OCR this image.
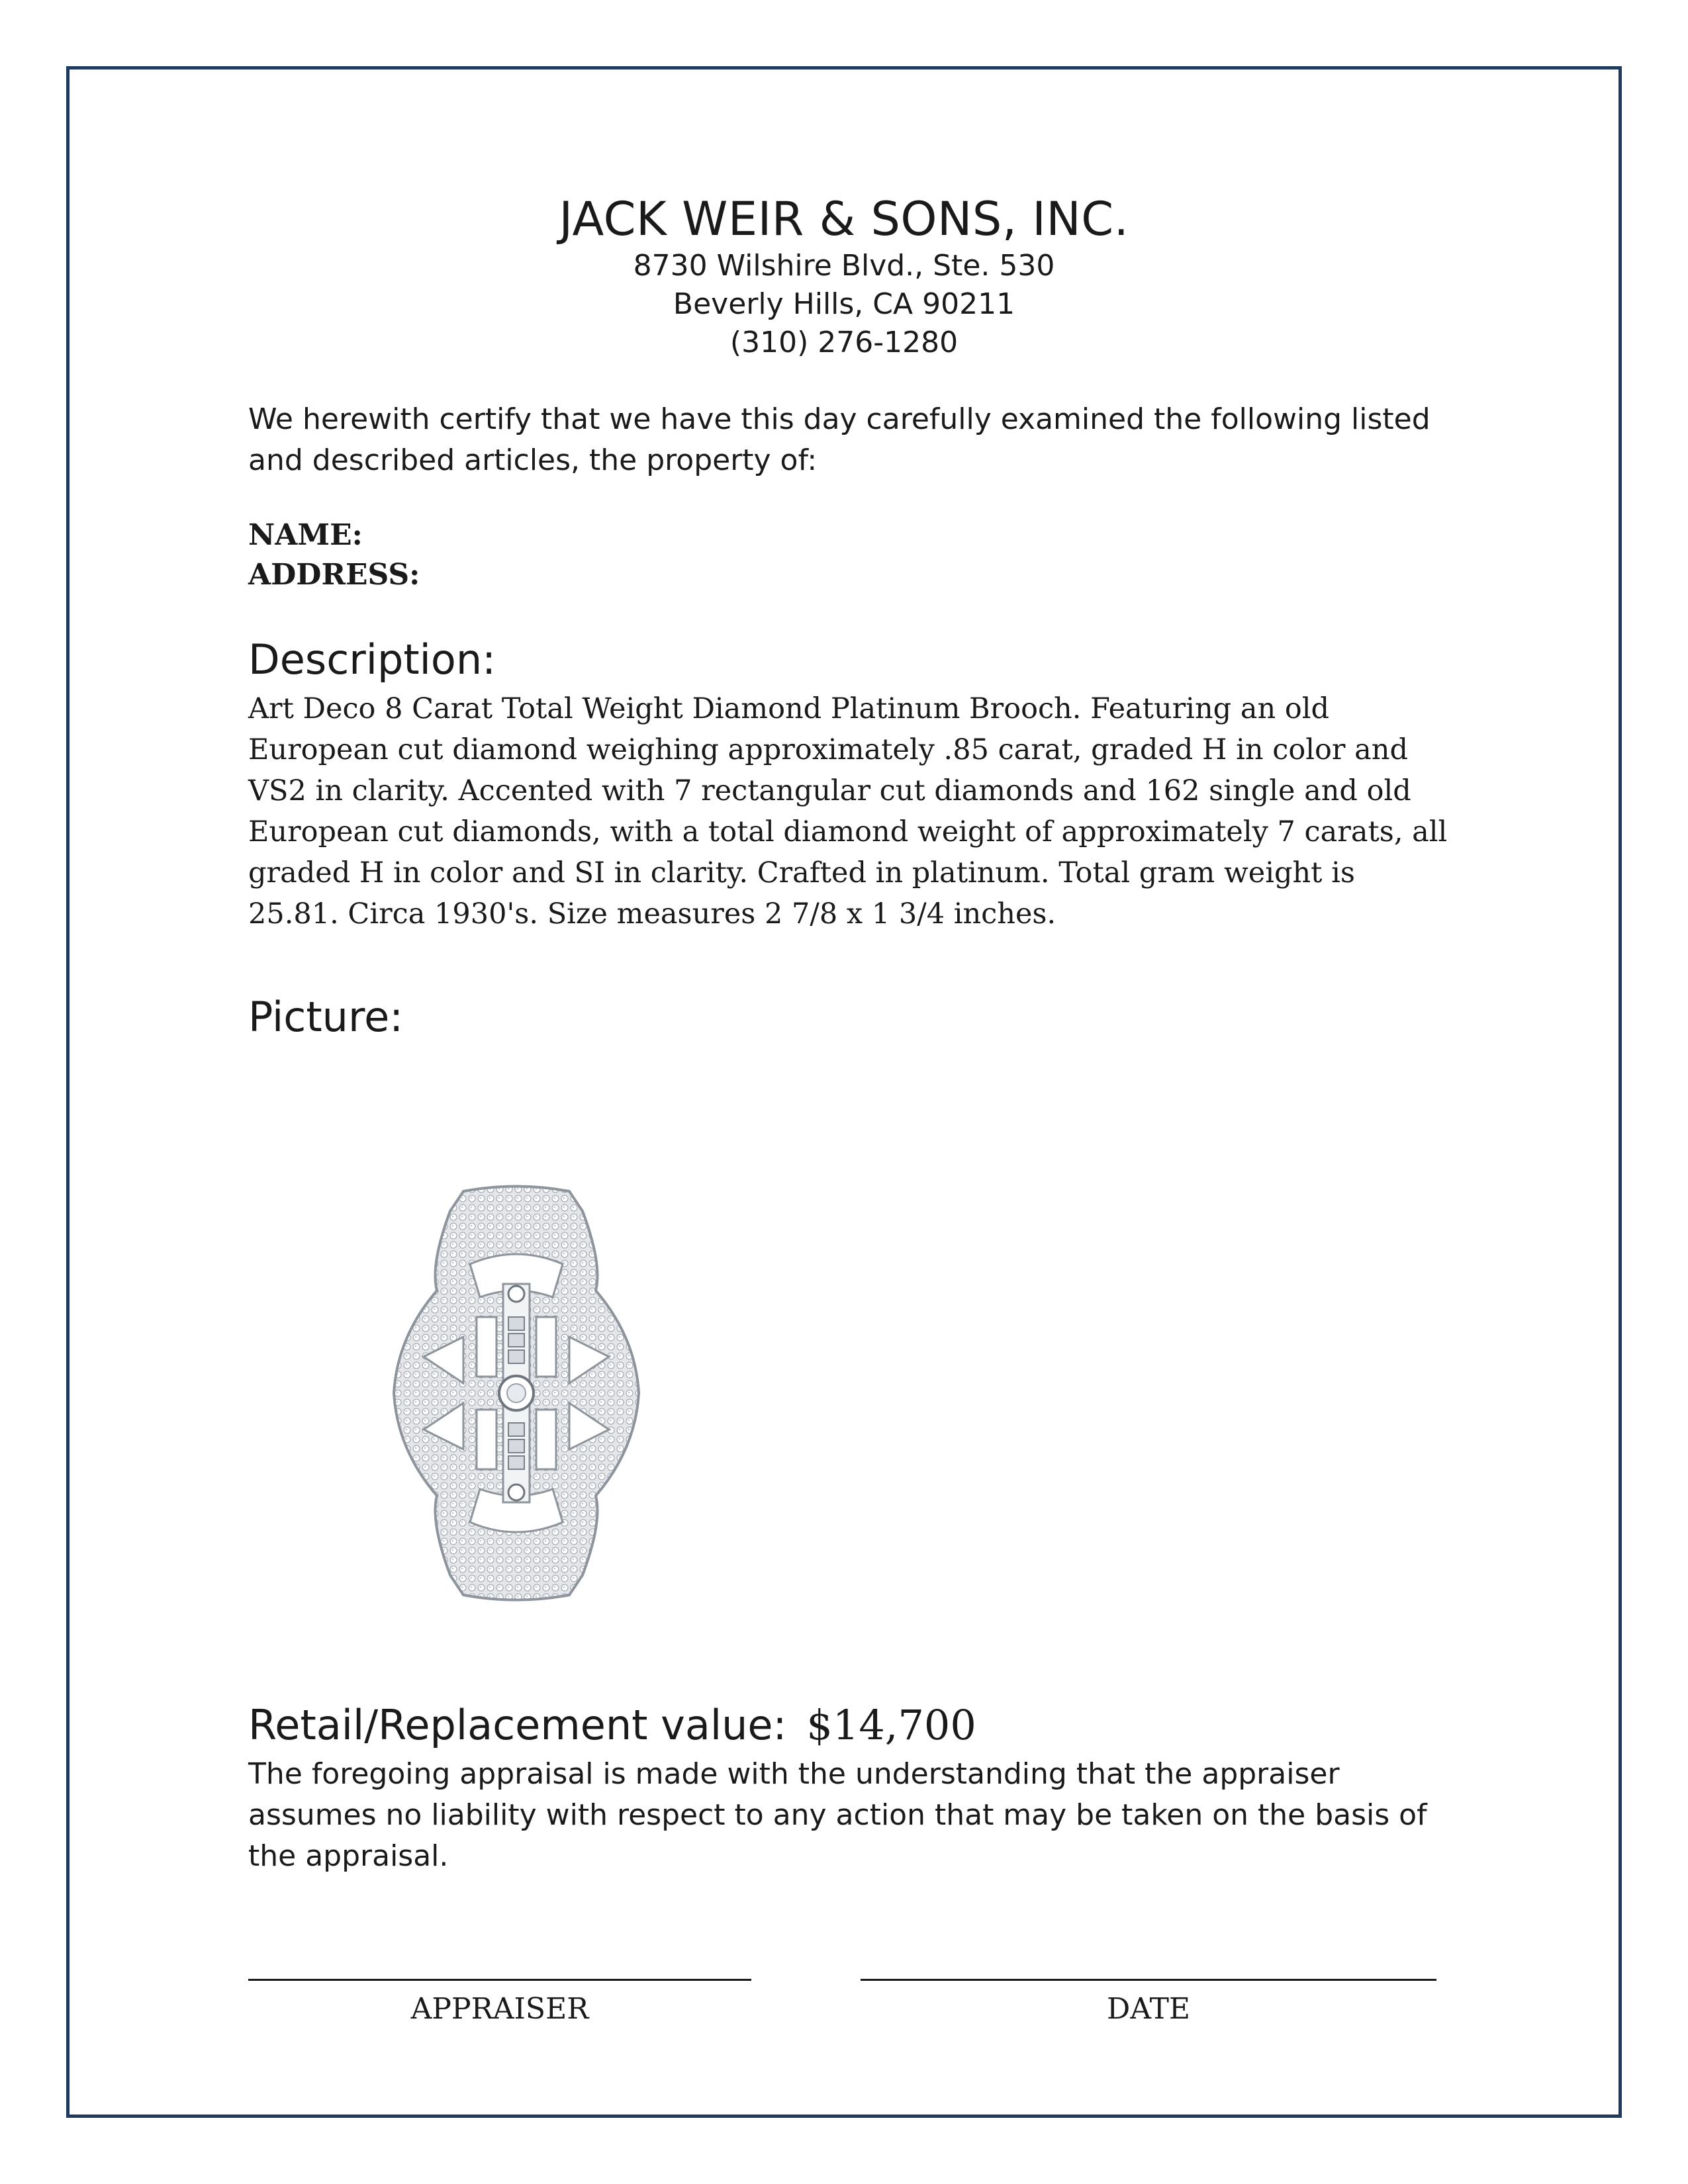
JACK WEIR & SONS, INC.
8730 Wilshire Blvd., Ste. 530
Beverly Hills, CA 90211
(310) 276-1280
We herewith certify that we have this day carefully examined the following listed and described articles, the property of:
NAME:
ADDRESS:
Description:
Art Deco 8 Carat Total Weight Diamond Platinum Brooch. Featuring an old European cut diamond weighing approximately .85 carat, graded H in color and VS2 in clarity. Accented with 7 rectangular cut diamonds and 162 single and old European cut diamonds, with a total diamond weight of approximately 7 carats, all graded H in color and SI in clarity. Crafted in platinum. Total gram weight is 25.81. Circa 1930's. Size measures 2 7/8 x 1 3/4 inches.
Picture:
Retail/Replacement value: $14,700
The foregoing appraisal is made with the understanding that the appraiser assumes no liability with respect to any action that may be taken on the basis of the appraisal.
APPRAISER	DATE
